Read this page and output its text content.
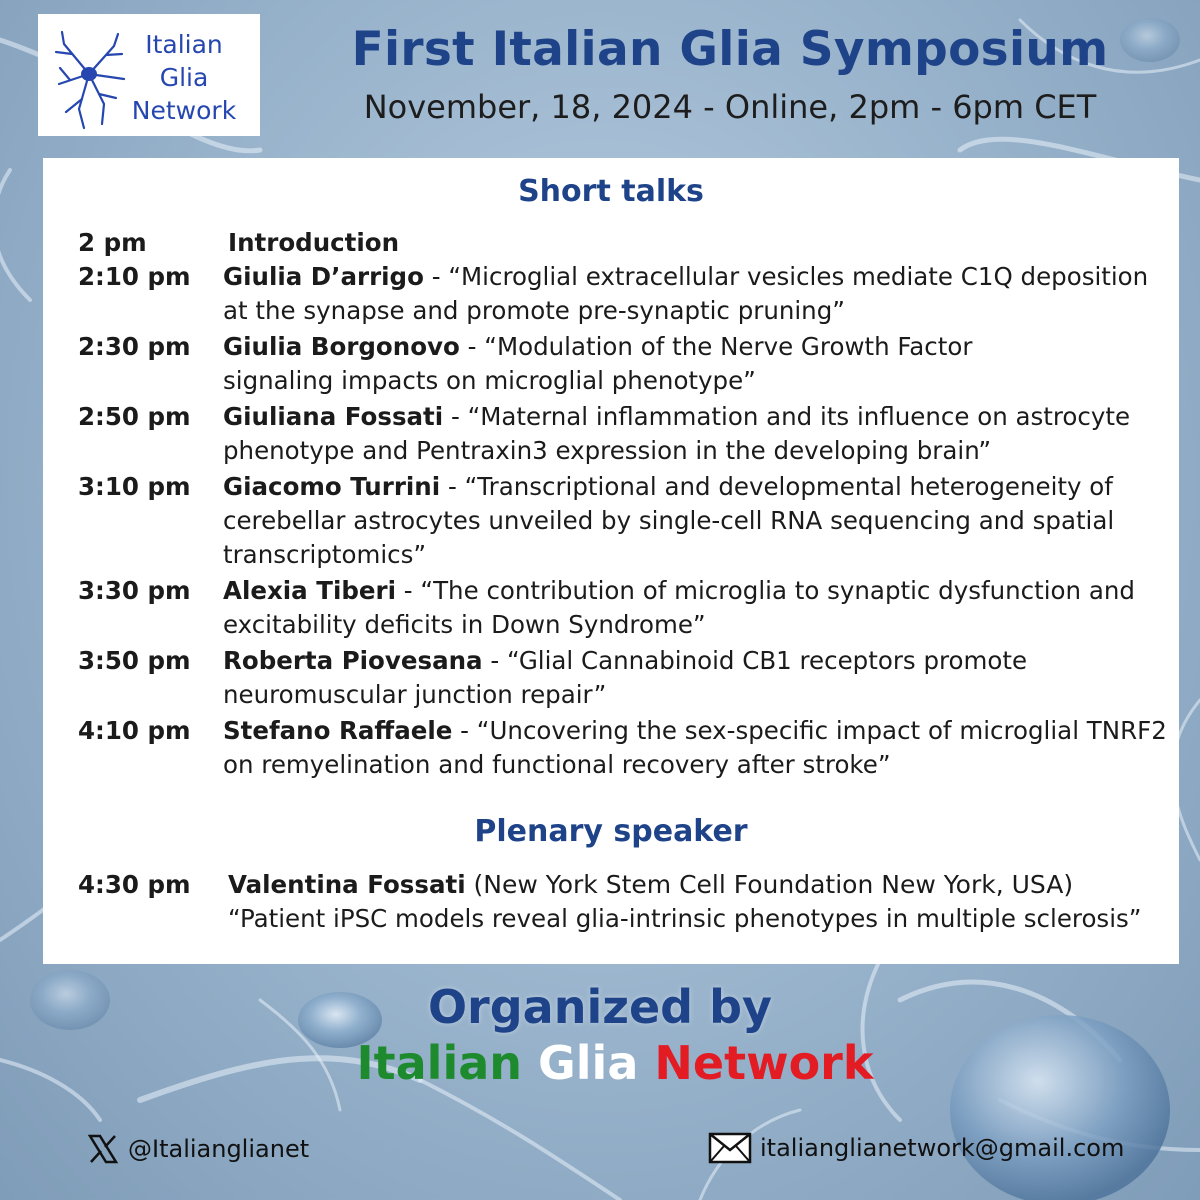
Italian
Glia
Network
First Italian Glia Symposium
November, 18, 2024 - Online, 2pm - 6pm CET
Short talks
2 pm	Introduction
2:10 pm Giulia D’arrigo - “Microglial extracellular vesicles mediate C1Q deposition at the synapse and promote pre-synaptic pruning”
2:30 pm Giulia Borgonovo - “Modulation of the Nerve Growth Factor signaling impacts on microglial phenotype”
2:50 pm Giuliana Fossati - “Maternal inflammation and its influence on astrocyte phenotype and Pentraxin3 expression in the developing brain”
3:10 pm Giacomo Turrini - “Transcriptional and developmental heterogeneity of cerebellar astrocytes unveiled by single-cell RNA sequencing and spatial transcriptomics”
3:30 pm Alexia Tiberi - “The contribution of microglia to synaptic dysfunction and excitability deficits in Down Syndrome”
3:50 pm Roberta Piovesana - “Glial Cannabinoid CB1 receptors promote neuromuscular junction repair”
4:10 pm Stefano Raffaele - “Uncovering the sex-specific impact of microglial TNRF2 on remyelination and functional recovery after stroke”
Plenary speaker
4:30 pm Valentina Fossati (New York Stem Cell Foundation New York, USA)
“Patient iPSC models reveal glia-intrinsic phenotypes in multiple sclerosis”
Organized by
Italian Glia Network
@Italianglianet	italianglianetwork@gmail.com
